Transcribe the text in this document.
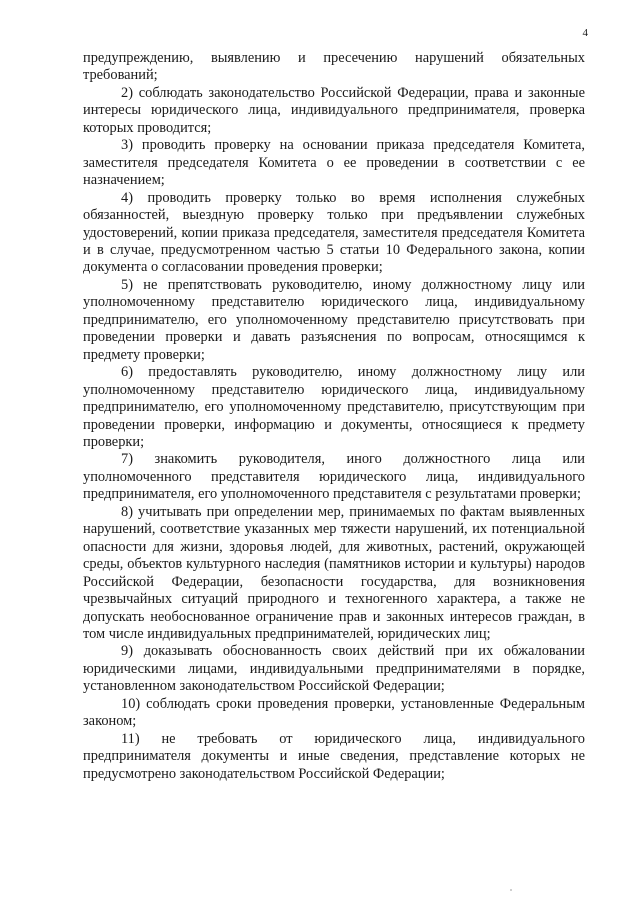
4

предупреждению, выявлению и пресечению нарушений обязательных требований;

2) соблюдать законодательство Российской Федерации, права и законные интересы юридического лица, индивидуального предпринимателя, проверка которых проводится;

3) проводить проверку на основании приказа председателя Комитета, заместителя председателя Комитета о ее проведении в соответствии с ее назначением;

4) проводить проверку только во время исполнения служебных обязанностей, выездную проверку только при предъявлении служебных удостоверений, копии приказа председателя, заместителя председателя Комитета и в случае, предусмотренном частью 5 статьи 10 Федерального закона, копии документа о согласовании проведения проверки;

5) не препятствовать руководителю, иному должностному лицу или уполномоченному представителю юридического лица, индивидуальному предпринимателю, его уполномоченному представителю присутствовать при проведении проверки и давать разъяснения по вопросам, относящимся к предмету проверки;

6) предоставлять руководителю, иному должностному лицу или уполномоченному представителю юридического лица, индивидуальному предпринимателю, его уполномоченному представителю, присутствующим при проведении проверки, информацию и документы, относящиеся к предмету проверки;

7) знакомить руководителя, иного должностного лица или уполномоченного представителя юридического лица, индивидуального предпринимателя, его уполномоченного представителя с результатами проверки;

8) учитывать при определении мер, принимаемых по фактам выявленных нарушений, соответствие указанных мер тяжести нарушений, их потенциальной опасности для жизни, здоровья людей, для животных, растений, окружающей среды, объектов культурного наследия (памятников истории и культуры) народов Российской Федерации, безопасности государства, для возникновения чрезвычайных ситуаций природного и техногенного характера, а также не допускать необоснованное ограничение прав и законных интересов граждан, в том числе индивидуальных предпринимателей, юридических лиц;

9) доказывать обоснованность своих действий при их обжаловании юридическими лицами, индивидуальными предпринимателями в порядке, установленном законодательством Российской Федерации;

10) соблюдать сроки проведения проверки, установленные Федеральным законом;

11) не требовать от юридического лица, индивидуального предпринимателя документы и иные сведения, представление которых не предусмотрено законодательством Российской Федерации;
